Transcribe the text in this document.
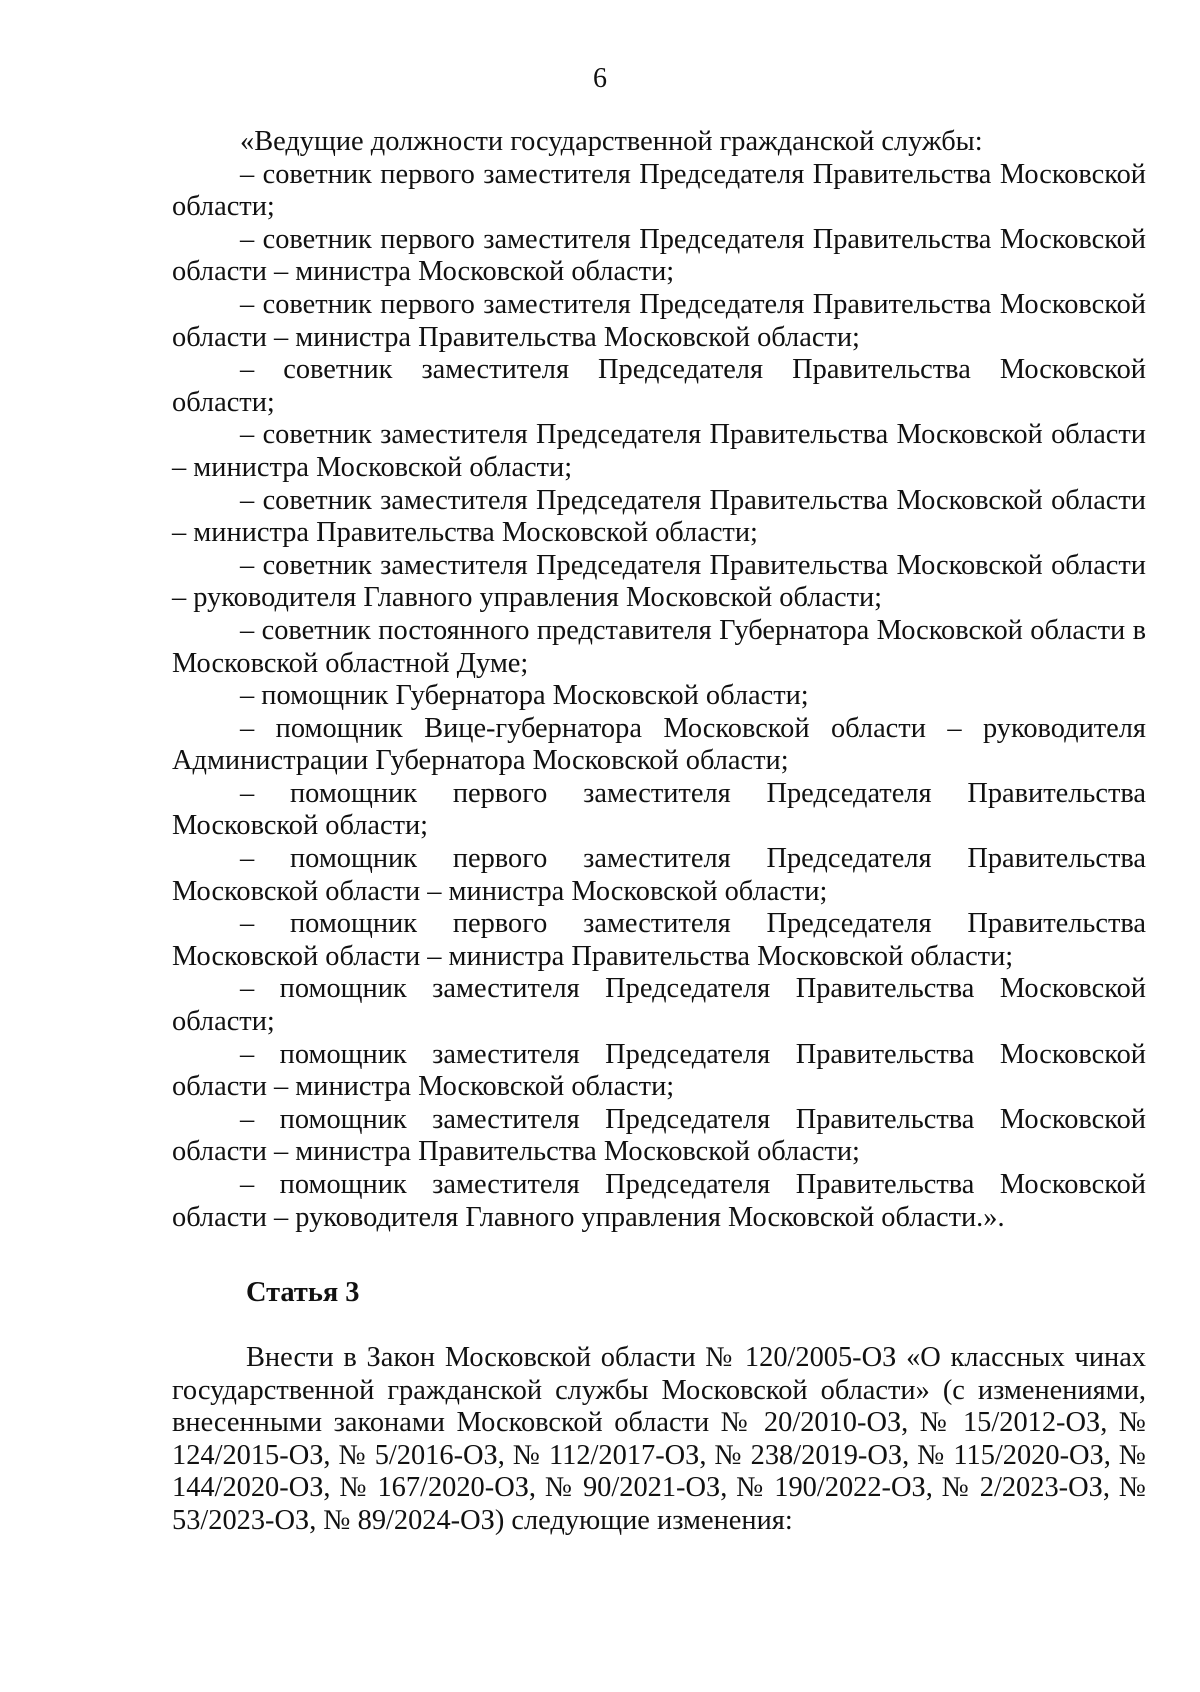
6

«Ведущие должности государственной гражданской службы:

– советник первого заместителя Председателя Правительства Московской области;

– советник первого заместителя Председателя Правительства Московской области – министра Московской области;

– советник первого заместителя Председателя Правительства Московской области – министра Правительства Московской области;

– советник заместителя Председателя Правительства Московской области;

– советник заместителя Председателя Правительства Московской области – министра Московской области;

– советник заместителя Председателя Правительства Московской области – министра Правительства Московской области;

– советник заместителя Председателя Правительства Московской области – руководителя Главного управления Московской области;

– советник постоянного представителя Губернатора Московской области в Московской областной Думе;

– помощник Губернатора Московской области;

– помощник Вице-губернатора Московской области – руководителя Администрации Губернатора Московской области;

– помощник первого заместителя Председателя Правительства Московской области;

– помощник первого заместителя Председателя Правительства Московской области – министра Московской области;

– помощник первого заместителя Председателя Правительства Московской области – министра Правительства Московской области;

– помощник заместителя Председателя Правительства Московской области;

– помощник заместителя Председателя Правительства Московской области – министра Московской области;

– помощник заместителя Председателя Правительства Московской области – министра Правительства Московской области;

– помощник заместителя Председателя Правительства Московской области – руководителя Главного управления Московской области.».

Статья 3

Внести в Закон Московской области № 120/2005-ОЗ «О классных чинах государственной гражданской службы Московской области» (с изменениями, внесенными законами Московской области № 20/2010-ОЗ, № 15/2012-ОЗ, № 124/2015-ОЗ, № 5/2016-ОЗ, № 112/2017-ОЗ, № 238/2019-ОЗ, № 115/2020-ОЗ, № 144/2020-ОЗ, № 167/2020-ОЗ, № 90/2021-ОЗ, № 190/2022-ОЗ, № 2/2023-ОЗ, № 53/2023-ОЗ, № 89/2024-ОЗ) следующие изменения:
